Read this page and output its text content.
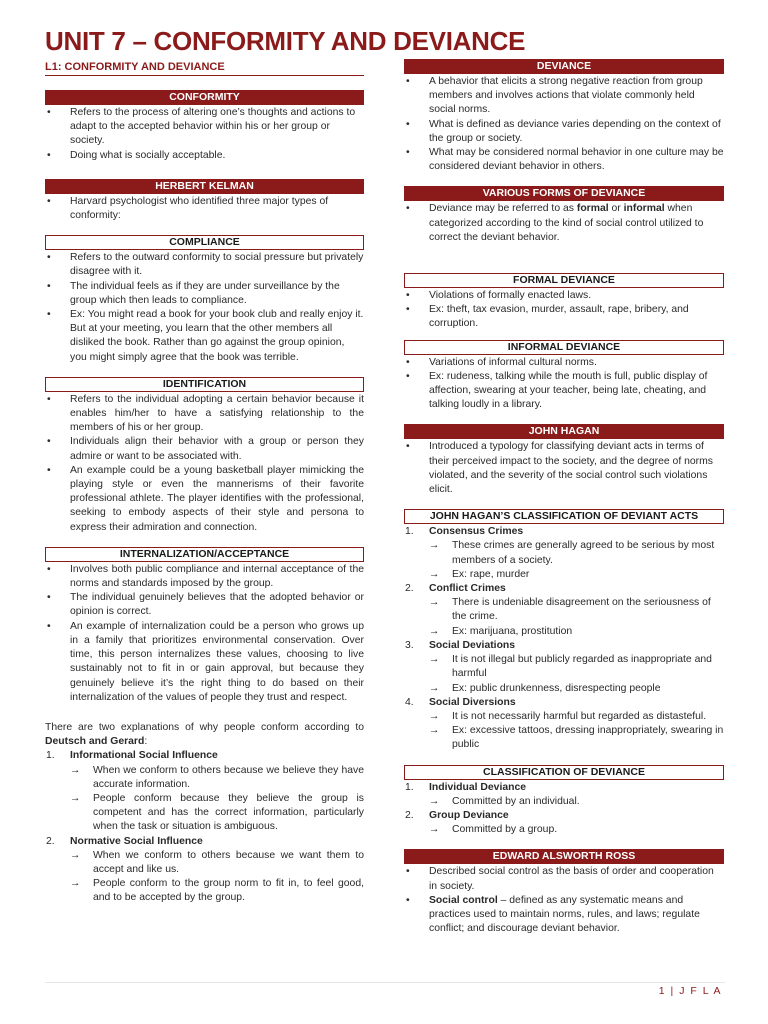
UNIT 7 – CONFORMITY AND DEVIANCE
L1: CONFORMITY AND DEVIANCE
CONFORMITY
• Refers to the process of altering one’s thoughts and actions to adapt to the accepted behavior within his or her group or society.
• Doing what is socially acceptable.
HERBERT KELMAN
• Harvard psychologist who identified three major types of conformity:
COMPLIANCE
• Refers to the outward conformity to social pressure but privately disagree with it.
• The individual feels as if they are under surveillance by the group which then leads to compliance.
• Ex: You might read a book for your book club and really enjoy it. But at your meeting, you learn that the other members all disliked the book. Rather than go against the group opinion, you might simply agree that the book was terrible.
IDENTIFICATION
• Refers to the individual adopting a certain behavior because it enables him/her to have a satisfying relationship to the members of his or her group.
• Individuals align their behavior with a group or person they admire or want to be associated with.
• An example could be a young basketball player mimicking the playing style or even the mannerisms of their favorite professional athlete. The player identifies with the professional, seeking to embody aspects of their style and persona to express their admiration and connection.
INTERNALIZATION/ACCEPTANCE
• Involves both public compliance and internal acceptance of the norms and standards imposed by the group.
• The individual genuinely believes that the adopted behavior or opinion is correct.
• An example of internalization could be a person who grows up in a family that prioritizes environmental conservation. Over time, this person internalizes these values, choosing to live sustainably not to fit in or gain approval, but because they genuinely believe it’s the right thing to do based on their internalization of the values of people they trust and respect.
There are two explanations of why people conform according to Deutsch and Gerard:
1. Informational Social Influence
→ When we conform to others because we believe they have accurate information.
→ People conform because they believe the group is competent and has the correct information, particularly when the task or situation is ambiguous.
2. Normative Social Influence
→ When we conform to others because we want them to accept and like us.
→ People conform to the group norm to fit in, to feel good, and to be accepted by the group.
DEVIANCE
• A behavior that elicits a strong negative reaction from group members and involves actions that violate commonly held social norms.
• What is defined as deviance varies depending on the context of the group or society.
• What may be considered normal behavior in one culture may be considered deviant behavior in others.
VARIOUS FORMS OF DEVIANCE
• Deviance may be referred to as formal or informal when categorized according to the kind of social control utilized to correct the deviant behavior.
FORMAL DEVIANCE
• Violations of formally enacted laws.
• Ex: theft, tax evasion, murder, assault, rape, bribery, and corruption.
INFORMAL DEVIANCE
• Variations of informal cultural norms.
• Ex: rudeness, talking while the mouth is full, public display of affection, swearing at your teacher, being late, cheating, and talking loudly in a library.
JOHN HAGAN
• Introduced a typology for classifying deviant acts in terms of their perceived impact to the society, and the degree of norms violated, and the severity of the social control such violations elicit.
JOHN HAGAN’S CLASSIFICATION OF DEVIANT ACTS
1. Consensus Crimes
→ These crimes are generally agreed to be serious by most members of a society.
→ Ex: rape, murder
2. Conflict Crimes
→ There is undeniable disagreement on the seriousness of the crime.
→ Ex: marijuana, prostitution
3. Social Deviations
→ It is not illegal but publicly regarded as inappropriate and harmful
→ Ex: public drunkenness, disrespecting people
4. Social Diversions
→ It is not necessarily harmful but regarded as distasteful.
→ Ex: excessive tattoos, dressing inappropriately, swearing in public
CLASSIFICATION OF DEVIANCE
1. Individual Deviance
→ Committed by an individual.
2. Group Deviance
→ Committed by a group.
EDWARD ALSWORTH ROSS
• Described social control as the basis of order and cooperation in society.
• Social control – defined as any systematic means and practices used to maintain norms, rules, and laws; regulate conflict; and discourage deviant behavior.
1 | J F L A
